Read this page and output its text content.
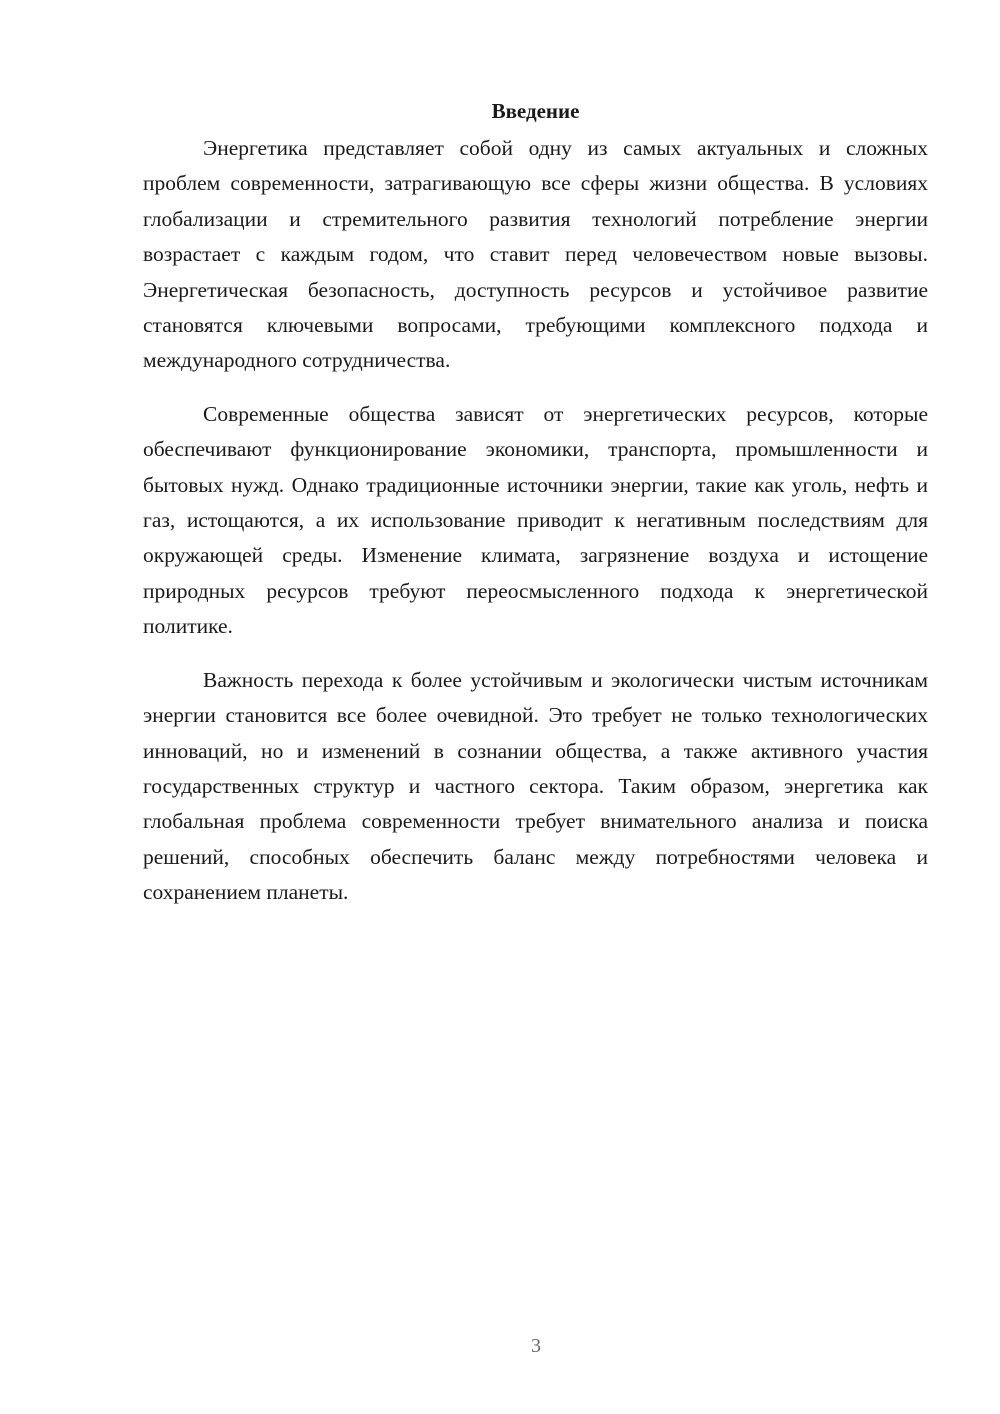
Введение

Энергетика представляет собой одну из самых актуальных и сложных проблем современности, затрагивающую все сферы жизни общества. В условиях глобализации и стремительного развития технологий потребление энергии возрастает с каждым годом, что ставит перед человечеством новые вызовы. Энергетическая безопасность, доступность ресурсов и устойчивое развитие становятся ключевыми вопросами, требующими комплексного подхода и международного сотрудничества.

Современные общества зависят от энергетических ресурсов, которые обеспечивают функционирование экономики, транспорта, промышленности и бытовых нужд. Однако традиционные источники энергии, такие как уголь, нефть и газ, истощаются, а их использование приводит к негативным последствиям для окружающей среды. Изменение климата, загрязнение воздуха и истощение природных ресурсов требуют переосмысленного подхода к энергетической политике.

Важность перехода к более устойчивым и экологически чистым источникам энергии становится все более очевидной. Это требует не только технологических инноваций, но и изменений в сознании общества, а также активного участия государственных структур и частного сектора. Таким образом, энергетика как глобальная проблема современности требует внимательного анализа и поиска решений, способных обеспечить баланс между потребностями человека и сохранением планеты.

3
